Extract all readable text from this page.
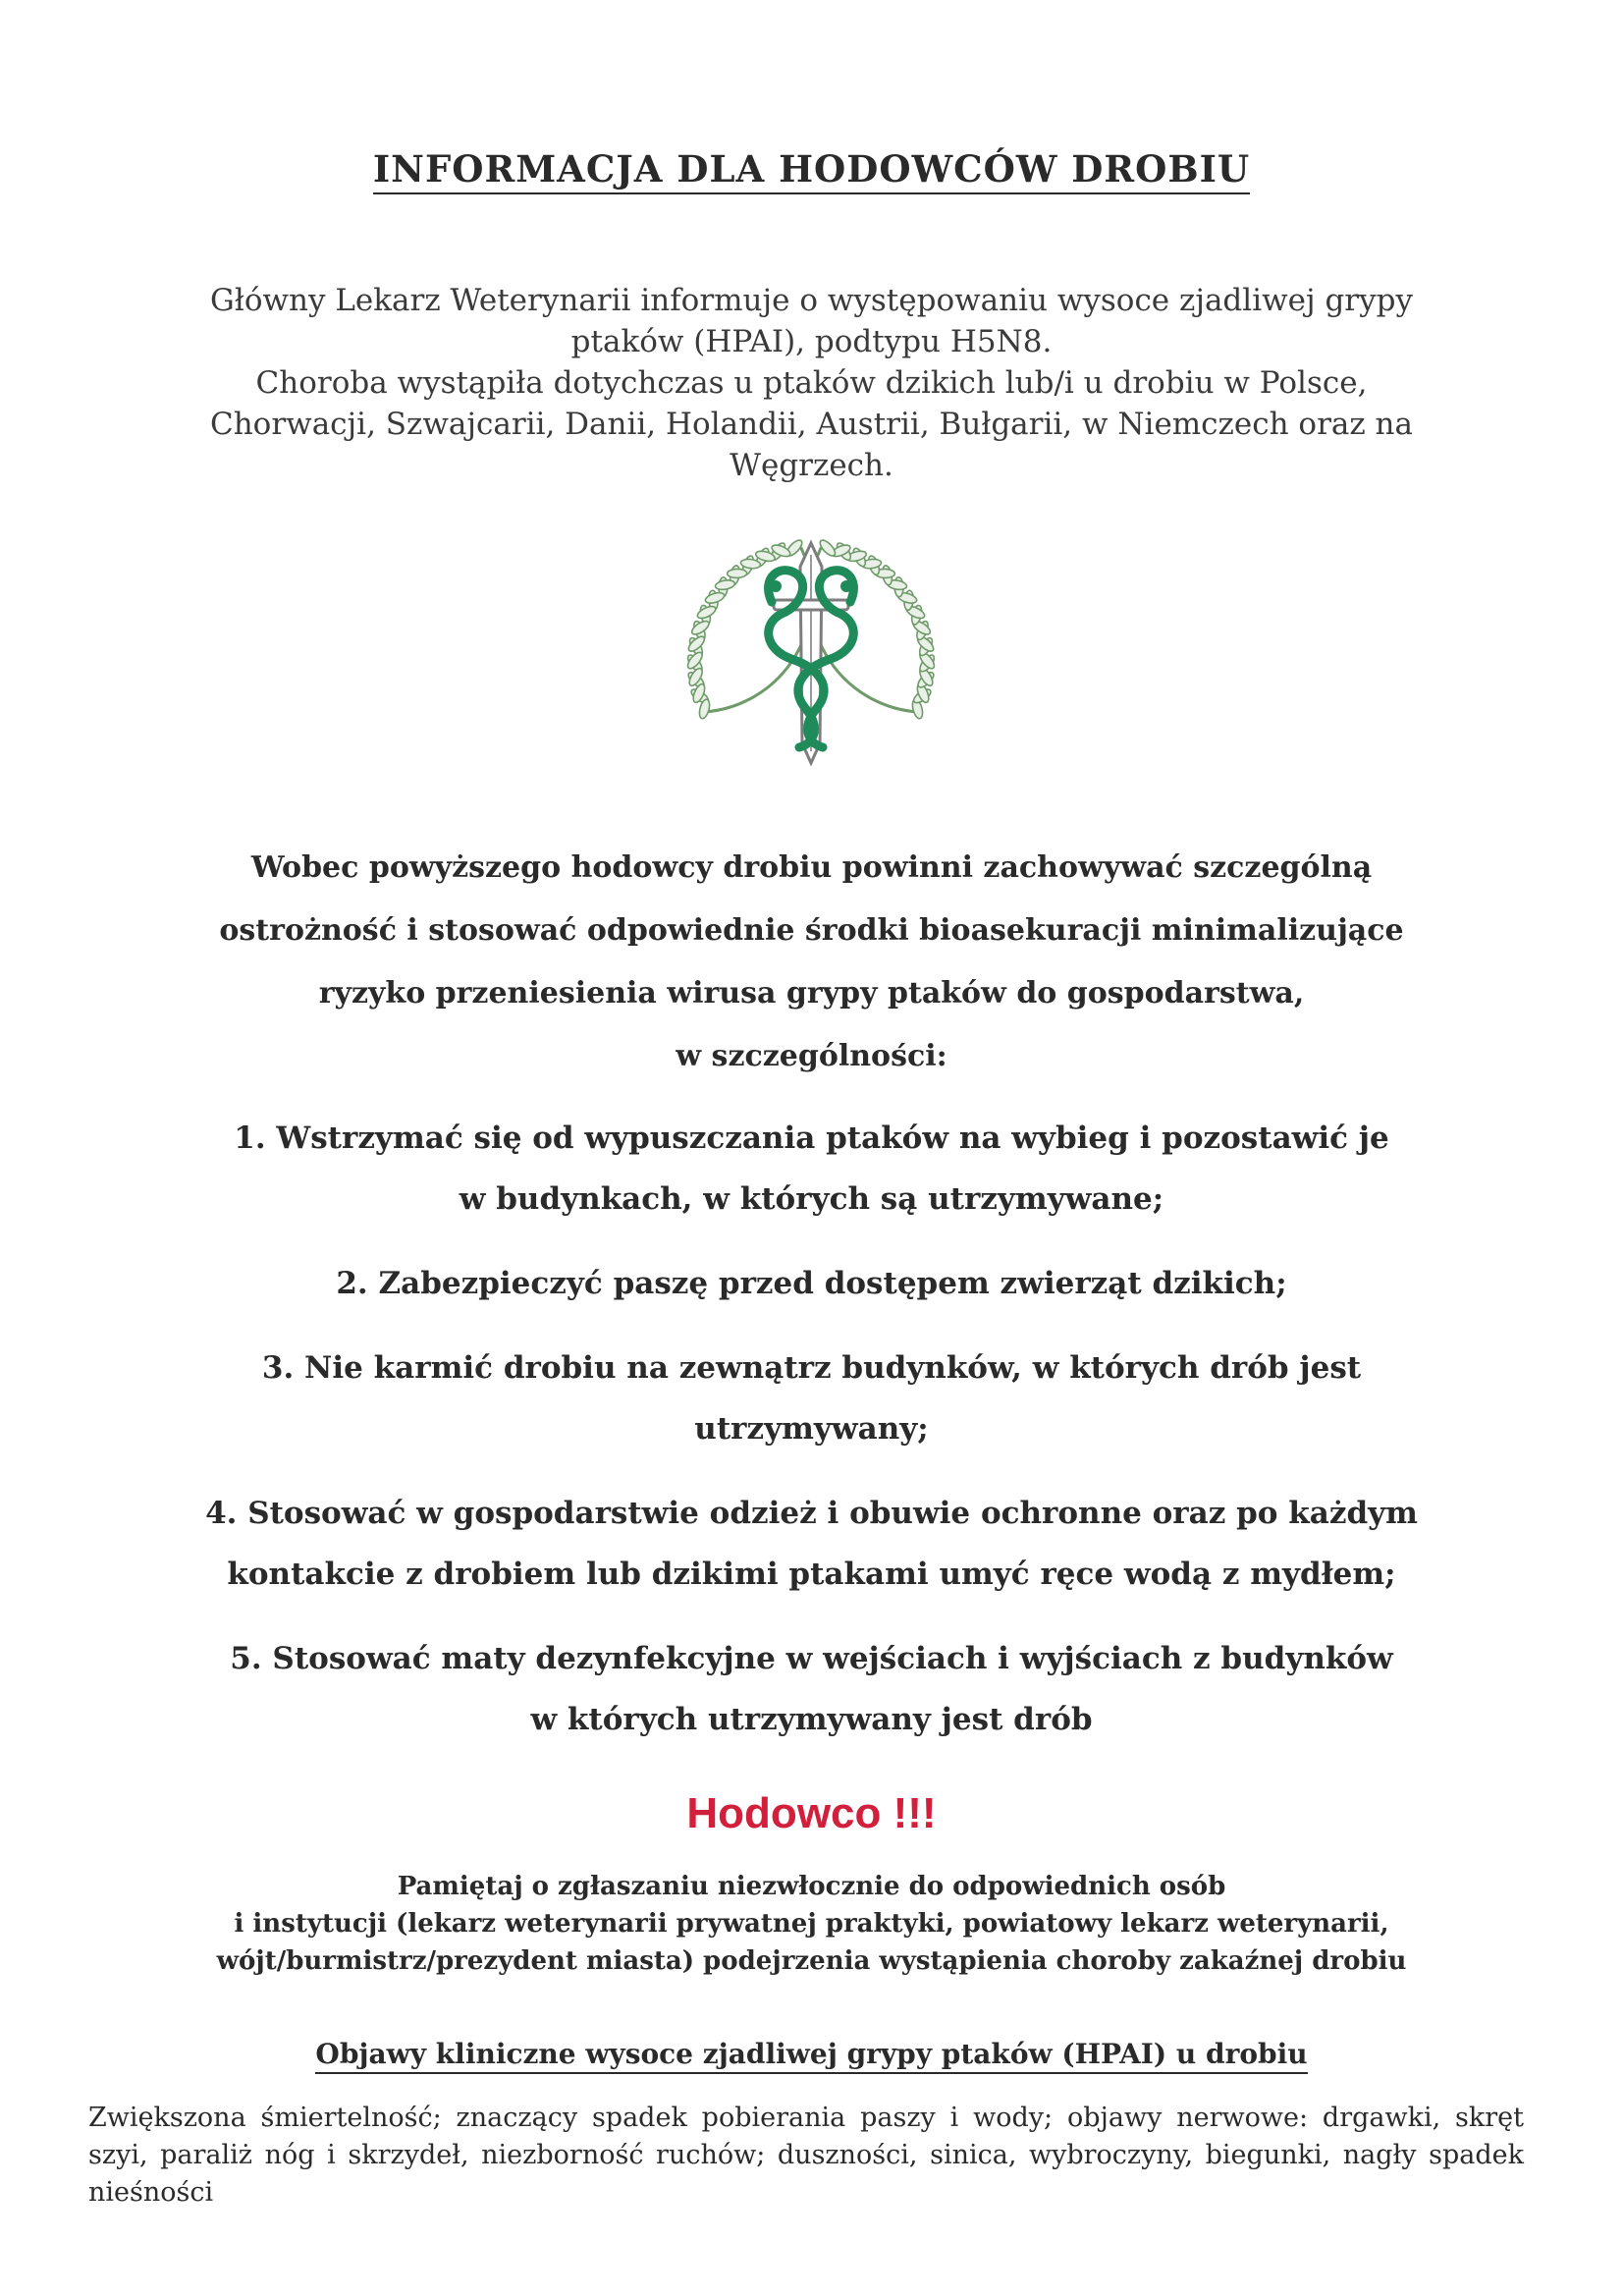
INFORMACJA DLA HODOWCÓW DROBIU

Główny Lekarz Weterynarii informuje o występowaniu wysoce zjadliwej grypy

ptaków (HPAI), podtypu H5N8.

Choroba wystąpiła dotychczas u ptaków dzikich lub/i u drobiu w Polsce,

Chorwacji, Szwajcarii, Danii, Holandii, Austrii, Bułgarii, w Niemczech oraz na

Węgrzech.

Wobec powyższego hodowcy drobiu powinni zachowywać szczególną

ostrożność i stosować odpowiednie środki bioasekuracji minimalizujące

ryzyko przeniesienia wirusa grypy ptaków do gospodarstwa,

w szczególności:

1. Wstrzymać się od wypuszczania ptaków na wybieg i pozostawić je
w budynkach, w których są utrzymywane;
2. Zabezpieczyć paszę przed dostępem zwierząt dzikich;
3. Nie karmić drobiu na zewnątrz budynków, w których drób jest
utrzymywany;
4. Stosować w gospodarstwie odzież i obuwie ochronne oraz po każdym
kontakcie z drobiem lub dzikimi ptakami umyć ręce wodą z mydłem;
5. Stosować maty dezynfekcyjne w wejściach i wyjściach z budynków
w których utrzymywany jest drób
Hodowco !!!

Pamiętaj o zgłaszaniu niezwłocznie do odpowiednich osób

i instytucji (lekarz weterynarii prywatnej praktyki, powiatowy lekarz weterynarii,

wójt/burmistrz/prezydent miasta) podejrzenia wystąpienia choroby zakaźnej drobiu

Objawy kliniczne wysoce zjadliwej grypy ptaków (HPAI) u drobiu
Zwiększona śmiertelność; znaczący spadek pobierania paszy i wody; objawy nerwowe: drgawki, skręt szyi, paraliż nóg i skrzydeł, niezborność ruchów; duszności, sinica, wybroczyny, biegunki, nagły spadek nieśności
